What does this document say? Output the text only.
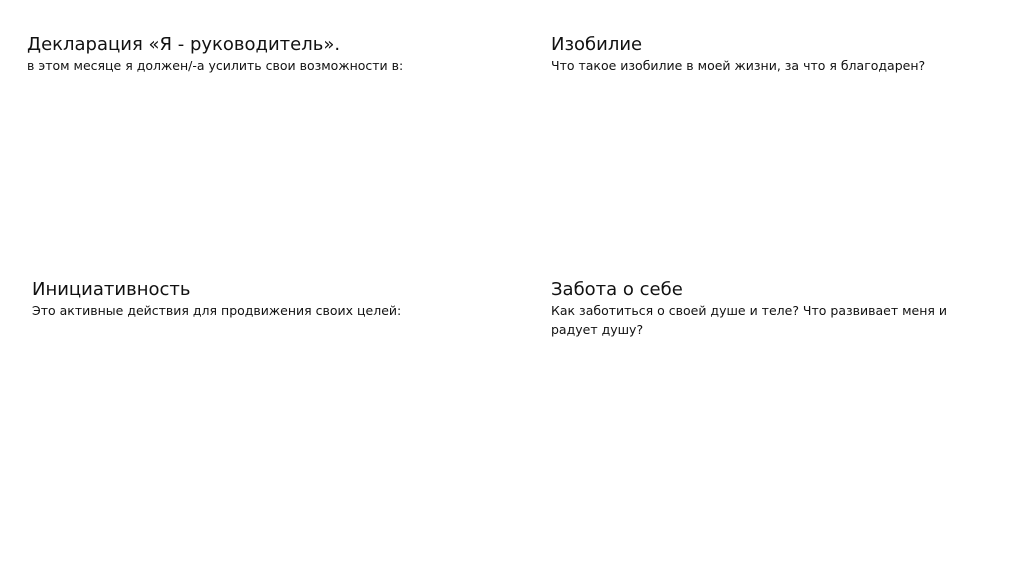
Декларация «Я - руководитель».

в этом месяце я должен/-а усилить свои возможности в:

Изобилие

Что такое изобилие в моей жизни, за что я благодарен?

Инициативность

Это активные действия для продвижения своих целей:

Забота о себе

Как заботиться о своей душе и теле? Что развивает меня и радует душу?
